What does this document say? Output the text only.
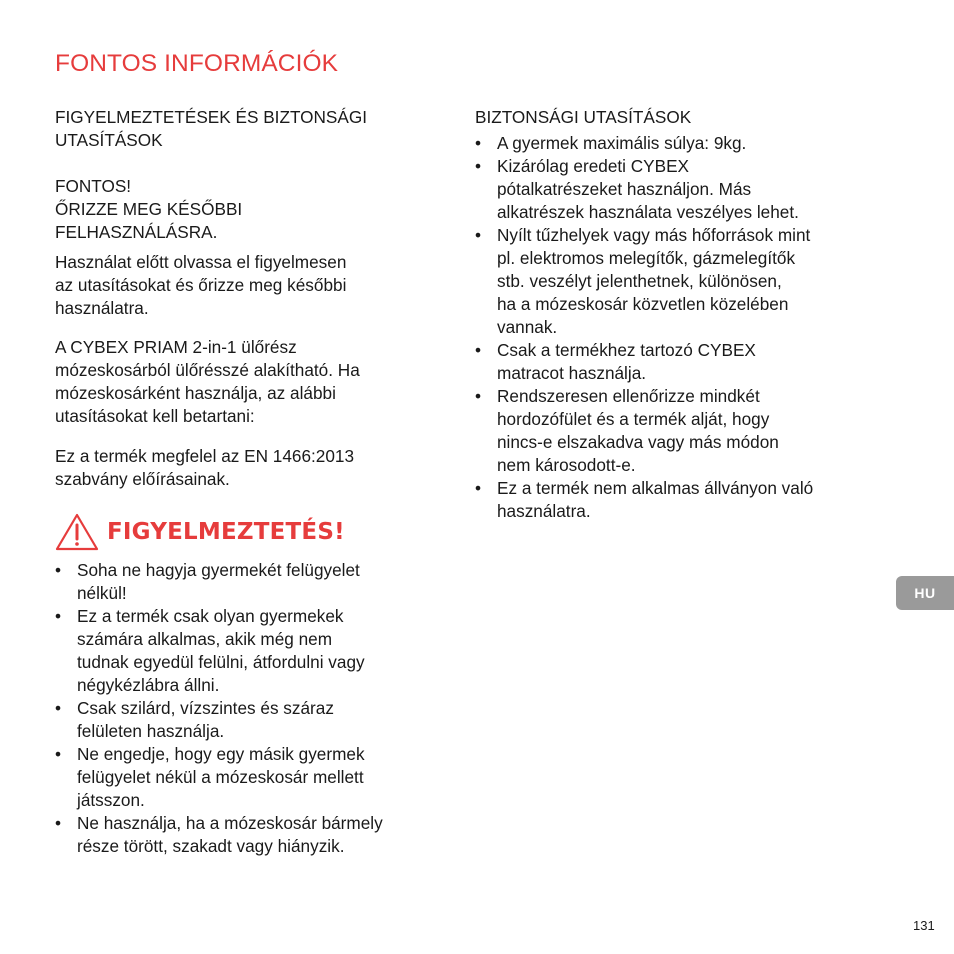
FONTOS INFORMÁCIÓK

FIGYELMEZTETÉSEK ÉS BIZTONSÁGI
UTASÍTÁSOK

FONTOS!
ŐRIZZE MEG KÉSŐBBI
FELHASZNÁLÁSRA.

Használat előtt olvassa el figyelmesen
az utasításokat és őrizze meg későbbi
használatra.

A CYBEX PRIAM 2-in-1 ülőrész
mózeskosárból ülőrésszé alakítható. Ha
mózeskosárként használja, az alábbi
utasításokat kell betartani:

Ez a termék megfelel az EN 1466:2013
szabvány előírásainak.

FIGYELMEZTETÉS!
• Soha ne hagyja gyermekét felügyelet
nélkül!
• Ez a termék csak olyan gyermekek
számára alkalmas, akik még nem
tudnak egyedül felülni, átfordulni vagy
négykézlábra állni.
• Csak szilárd, vízszintes és száraz
felületen használja.
• Ne engedje, hogy egy másik gyermek
felügyelet nékül a mózeskosár mellett
játsszon.
• Ne használja, ha a mózeskosár bármely
része törött, szakadt vagy hiányzik.

BIZTONSÁGI UTASÍTÁSOK

• A gyermek maximális súlya: 9kg.
• Kizárólag eredeti CYBEX
pótalkatrészeket használjon. Más
alkatrészek használata veszélyes lehet.
• Nyílt tűzhelyek vagy más hőforrások mint
pl. elektromos melegítők, gázmelegítők
stb. veszélyt jelenthetnek, különösen,
ha a mózeskosár közvetlen közelében
vannak.
• Csak a termékhez tartozó CYBEX
matracot használja.
• Rendszeresen ellenőrizze mindkét
hordozófület és a termék alját, hogy
nincs-e elszakadva vagy más módon
nem károsodott-e.
• Ez a termék nem alkalmas állványon való
használatra.
HU
131
